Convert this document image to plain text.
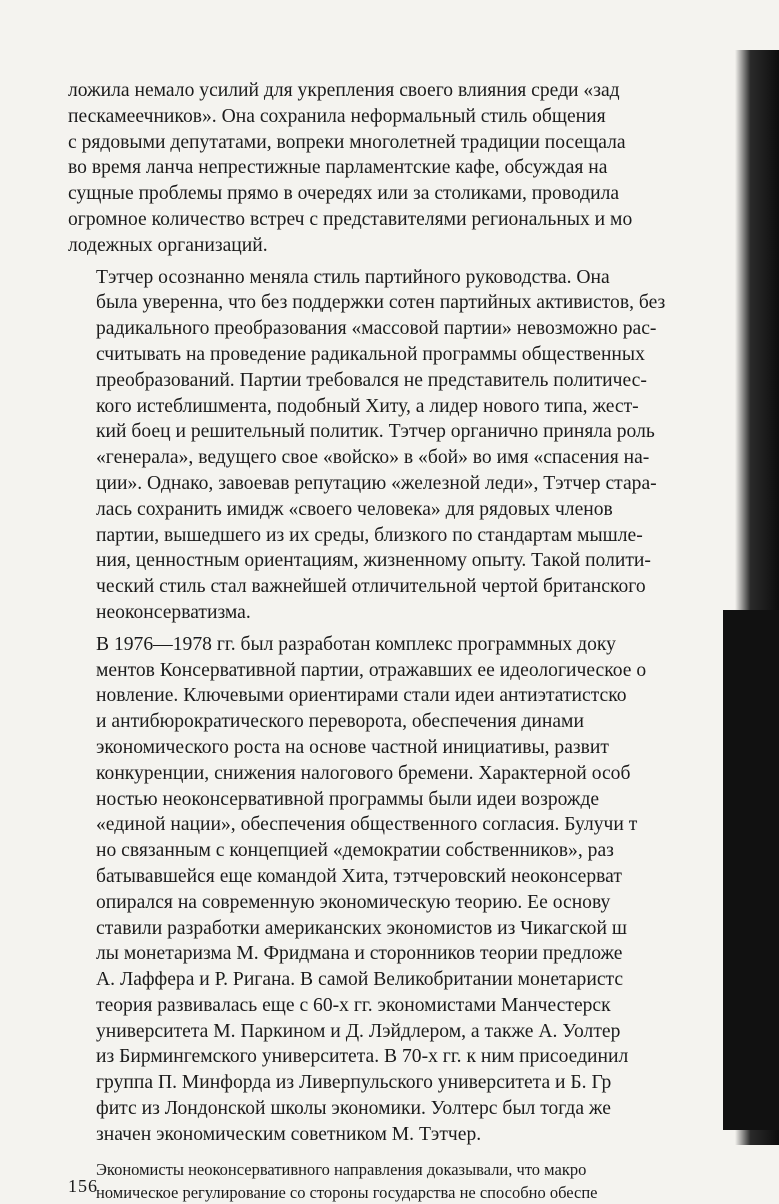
ложила немало усилий для укрепления своего влияния среди «зад
пескамеечников». Она сохранила неформальный стиль общения
с рядовыми депутатами, вопреки многолетней традиции посещала
во время ланча непрестижные парламентские кафе, обсуждая на
сущные проблемы прямо в очередях или за столиками, проводила
огромное количество встреч с представителями региональных и мо
лодежных организаций.

Тэтчер осознанно меняла стиль партийного руководства. Она
была уверенна, что без поддержки сотен партийных активистов, без
радикального преобразования «массовой партии» невозможно рас-
считывать на проведение радикальной программы общественных
преобразований. Партии требовался не представитель политичес-
кого истеблишмента, подобный Хиту, а лидер нового типа, жест-
кий боец и решительный политик. Тэтчер органично приняла роль
«генерала», ведущего свое «войско» в «бой» во имя «спасения на-
ции». Однако, завоевав репутацию «железной леди», Тэтчер стара-
лась сохранить имидж «своего человека» для рядовых членов
партии, вышедшего из их среды, близкого по стандартам мышле-
ния, ценностным ориентациям, жизненному опыту. Такой полити-
ческий стиль стал важнейшей отличительной чертой британского
неоконсерватизма.

В 1976—1978 гг. был разработан комплекс программных доку
ментов Консервативной партии, отражавших ее идеологическое о
новление. Ключевыми ориентирами стали идеи антиэтатистско
и антибюрократического переворота, обеспечения динами
экономического роста на основе частной инициативы, развит
конкуренции, снижения налогового бремени. Характерной особ
ностью неоконсервативной программы были идеи возрожде
«единой нации», обеспечения общественного согласия. Булучи т
но связанным с концепцией «демократии собственников», раз
батывавшейся еще командой Хита, тэтчеровский неоконсерват
опирался на современную экономическую теорию. Ее основу
ставили разработки американских экономистов из Чикагской ш
лы монетаризма М. Фридмана и сторонников теории предложе
А. Лаффера и Р. Ригана. В самой Великобритании монетаристс
теория развивалась еще с 60-х гг. экономистами Манчестерск
университета М. Паркином и Д. Лэйдлером, а также А. Уолтер
из Бирмингемского университета. В 70-х гг. к ним присоединил
группа П. Минфорда из Ливерпульского университета и Б. Гр
фитс из Лондонской школы экономики. Уолтерс был тогда же
значен экономическим советником М. Тэтчер.

Экономисты неоконсервативного направления доказывали, что макро
номическое регулирование со стороны государства не способно обеспе

156
